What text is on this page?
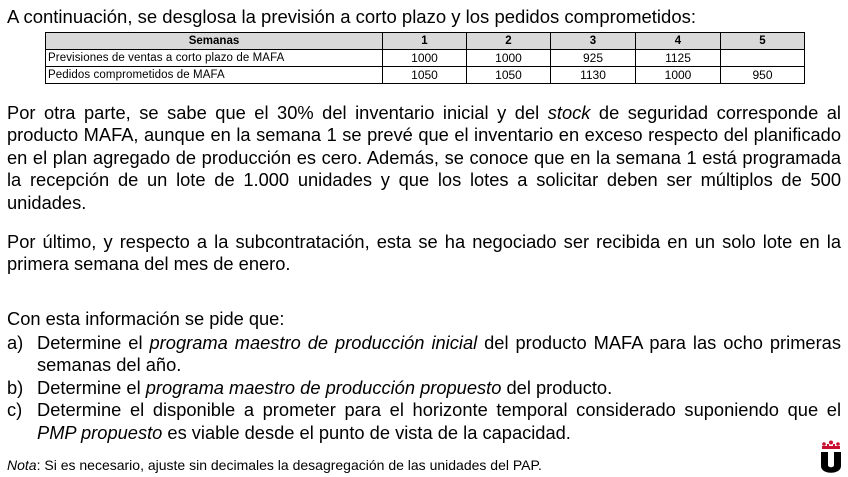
A continuación, se desglosa la previsión a corto plazo y los pedidos comprometidos:
Semanas	1	2	3	4	5
Previsiones de ventas a corto plazo de MAFA	1000	1000	925	1125	
Pedidos comprometidos de MAFA	1050	1050	1130	1000	950
Por otra parte, se sabe que el 30% del inventario inicial y del stock de seguridad corresponde al producto MAFA, aunque en la semana 1 se prevé que el inventario en exceso respecto del planificado en el plan agregado de producción es cero. Además, se conoce que en la semana 1 está programada la recepción de un lote de 1.000 unidades y que los lotes a solicitar deben ser múltiplos de 500 unidades.
Por último, y respecto a la subcontratación, esta se ha negociado ser recibida en un solo lote en la primera semana del mes de enero.
Con esta información se pide que:
a) Determine el programa maestro de producción inicial del producto MAFA para las ocho primeras semanas del año.
b) Determine el programa maestro de producción propuesto del producto.
c) Determine el disponible a prometer para el horizonte temporal considerado suponiendo que el PMP propuesto es viable desde el punto de vista de la capacidad.
Nota: Si es necesario, ajuste sin decimales la desagregación de las unidades del PAP.
